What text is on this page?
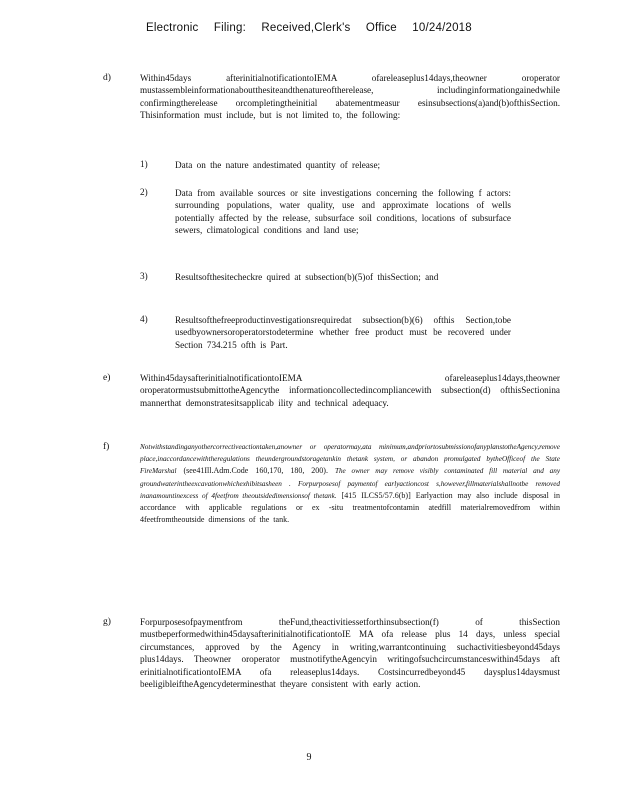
Electronic Filing: Received,Clerk's Office 10/24/2018
d)	Within45days afterinitialnotificationtoIEMA ofareleaseplus14days,theowner oroperator mustassembleinformationaboutthesiteandthenatureoftherelease, includinginformationgainedwhile confirmingtherelease orcompletingtheinitial abatementmeasur esinsubsections(a)and(b)ofthisSection. Thisinformation must include, but is not limited to, the following:
1)	Data on the nature andestimated quantity of release;
2)	Data from available sources or site investigations concerning the following f actors: surrounding populations, water quality, use and approximate locations of wells potentially affected by the release, subsurface soil conditions, locations of subsurface sewers, climatological conditions and land use;
3)	Resultsofthesitecheckre quired at subsection(b)(5)of thisSection; and
4)	Resultsofthefreeproductinvestigationsrequiredat subsection(b)(6) ofthis Section,tobe usedbyownersoroperatorstodetermine whether free product must be recovered under Section 734.215 ofth is Part.
e)	Within45daysafterinitialnotificationtoIEMA ofareleaseplus14days,theowner oroperatormustsubmittotheAgencythe informationcollectedincompliancewith subsection(d) ofthisSectionina mannerthat demonstratesitsapplicab ility and technical adequacy.
f)	Notwithstandinganyothercorrectiveactiontaken,anowner or operatormay,ata minimum,andpriortosubmissionofanyplanstotheAgency,remove place,inaccordancewiththeregulations theundergroundstoragetankin thetank system, or abandon promulgated bytheOfficeof the State FireMarshal (see41Ill.Adm.Code 160,170, 180, 200). The owner may remove visibly contaminated fill material and any groundwaterintheexcavationwhichexhibitsasheen . Forpurposesof paymentof earlyactioncost s,however,fillmaterialshallnotbe removed inanamountinexcess of 4feetfrom theoutsidedimensionsof thetank. [415 ILCS5/57.6(b)] Earlyaction may also include disposal in accordance with applicable regulations or ex -situ treatmentofcontamin atedfill materialremovedfrom within 4feetfromtheoutside dimensions of the tank.
g)	Forpurposesofpaymentfrom theFund,theactivitiessetforthinsubsection(f) of thisSection mustbeperformedwithin45daysafterinitialnotificationtoIE MA ofa release plus 14 days, unless special circumstances, approved by the Agency in writing,warrantcontinuing suchactivitiesbeyond45days plus14days. Theowner oroperator mustnotifytheAgencyin writingofsuchcircumstanceswithin45days aft erinitialnotificationtoIEMA ofa releaseplus14days. Costsincurredbeyond45 daysplus14daysmust beeligibleiftheAgencydeterminesthat theyare consistent with early action.
9
